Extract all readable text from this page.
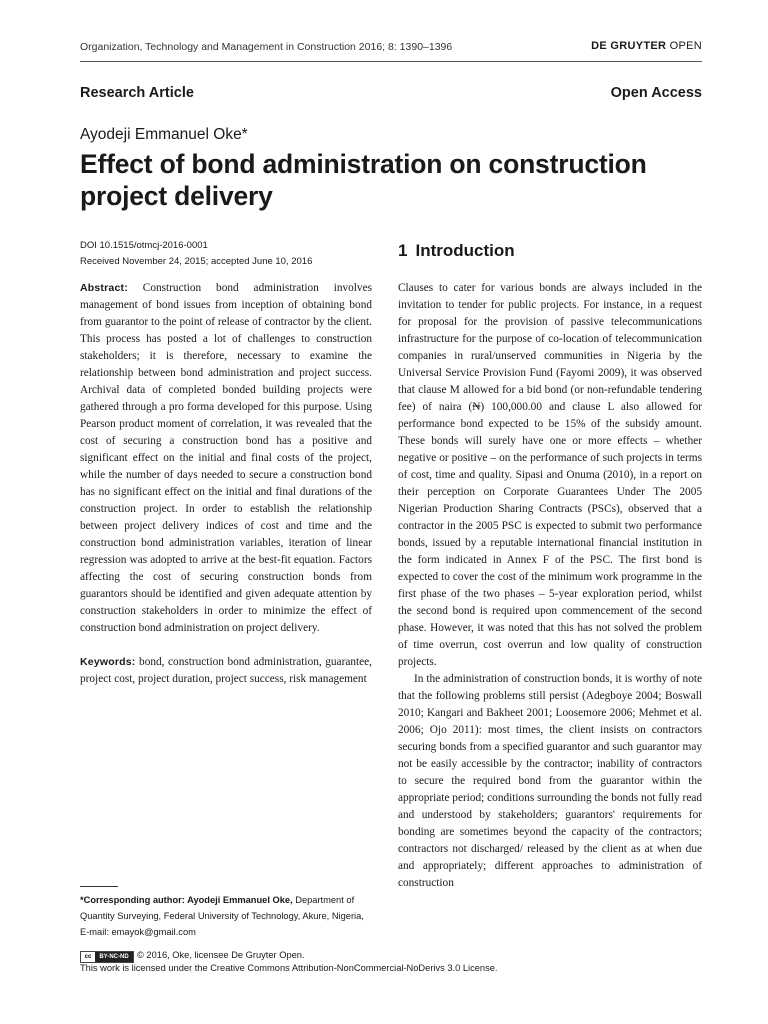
Organization, Technology and Management in Construction 2016; 8: 1390–1396	DE GRUYTER OPEN
Research Article	Open Access
Ayodeji Emmanuel Oke*
Effect of bond administration on construction project delivery
DOI 10.1515/otmcj-2016-0001
Received November 24, 2015; accepted June 10, 2016

Abstract: Construction bond administration involves management of bond issues from inception of obtaining bond from guarantor to the point of release of contractor by the client. This process has posted a lot of challenges to construction stakeholders; it is therefore, necessary to examine the relationship between bond administration and project success. Archival data of completed bonded building projects were gathered through a pro forma developed for this purpose. Using Pearson product moment of correlation, it was revealed that the cost of securing a construction bond has a positive and significant effect on the initial and final costs of the project, while the number of days needed to secure a construction bond has no significant effect on the initial and final durations of the construction project. In order to establish the relationship between project delivery indices of cost and time and the construction bond administration variables, iteration of linear regression was adopted to arrive at the best-fit equation. Factors affecting the cost of securing construction bonds from guarantors should be identified and given adequate attention by construction stakeholders in order to minimize the effect of construction bond administration on project delivery.

Keywords: bond, construction bond administration, guarantee, project cost, project duration, project success, risk management

1 Introduction

Clauses to cater for various bonds are always included in the invitation to tender for public projects. For instance, in a request for proposal for the provision of passive telecommunications infrastructure for the purpose of co-location of telecommunication companies in rural/unserved communities in Nigeria by the Universal Service Provision Fund (Fayomi 2009), it was observed that clause M allowed for a bid bond (or non-refundable tendering fee) of naira (₦) 100,000.00 and clause L also allowed for performance bond expected to be 15% of the subsidy amount. These bonds will surely have one or more effects – whether negative or positive – on the performance of such projects in terms of cost, time and quality. Sipasi and Onuma (2010), in a report on their perception on Corporate Guarantees Under The 2005 Nigerian Production Sharing Contracts (PSCs), observed that a contractor in the 2005 PSC is expected to submit two performance bonds, issued by a reputable international financial institution in the form indicated in Annex F of the PSC. The first bond is expected to cover the cost of the minimum work programme in the first phase of the two phases – 5-year exploration period, whilst the second bond is required upon commencement of the second phase. However, it was noted that this has not solved the problem of time overrun, cost overrun and low quality of construction projects.

In the administration of construction bonds, it is worthy of note that the following problems still persist (Adegboye 2004; Boswall 2010; Kangari and Bakheet 2001; Loosemore 2006; Mehmet et al. 2006; Ojo 2011): most times, the client insists on contractors securing bonds from a specified guarantor and such guarantor may not be easily accessible by the contractor; inability of contractors to secure the required bond from the guarantor within the appropriate period; conditions surrounding the bonds not fully read and understood by stakeholders; guarantors' requirements for bonding are sometimes beyond the capacity of the contractors; contractors not discharged/ released by the client as at when due and appropriately; different approaches to administration of construction

*Corresponding author: Ayodeji Emmanuel Oke, Department of Quantity Surveying, Federal University of Technology, Akure, Nigeria, E-mail: emayok@gmail.com
cc	BY-NC-ND © 2016, Oke, licensee De Gruyter Open.
This work is licensed under the Creative Commons Attribution-NonCommercial-NoDerivs 3.0 License.
